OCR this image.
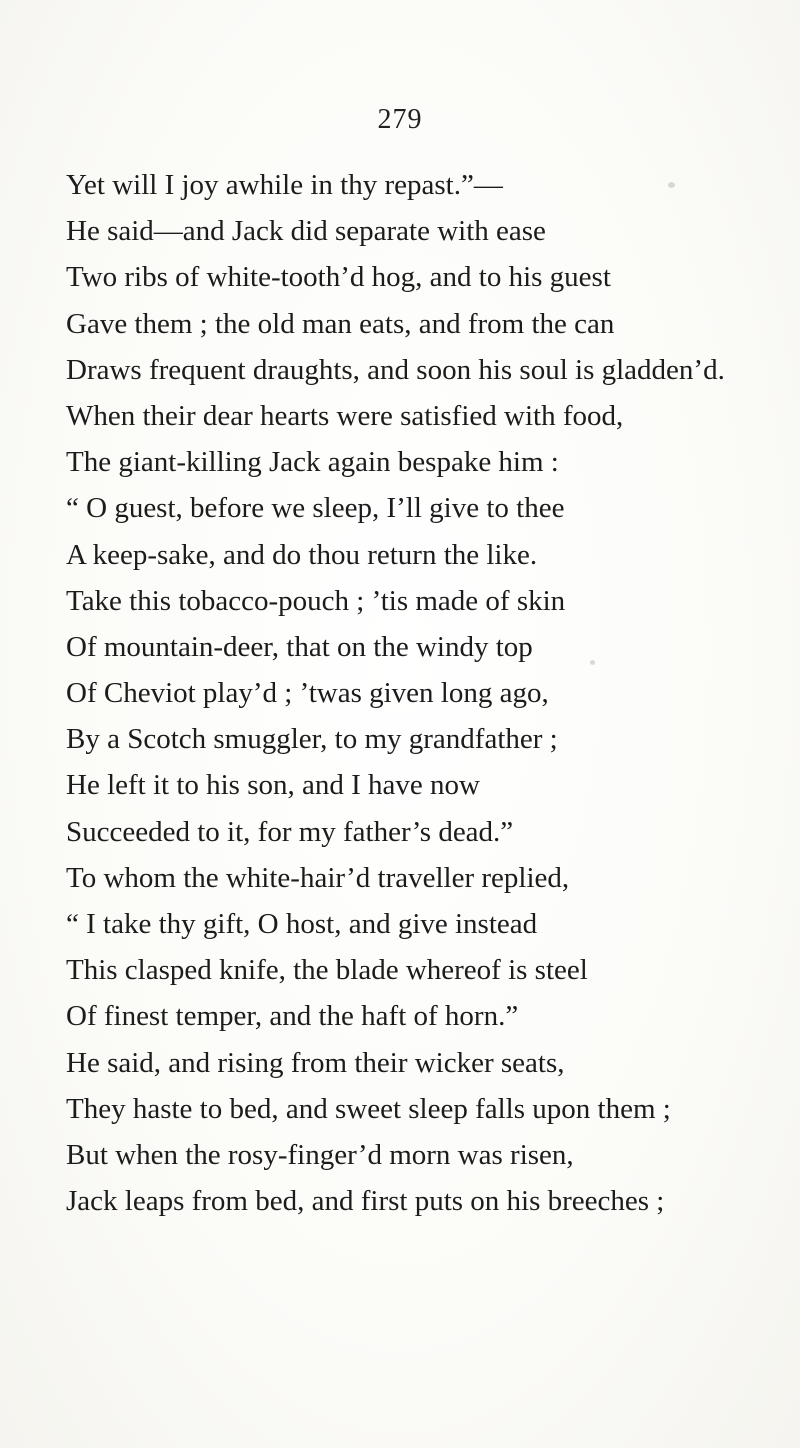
279
Yet will I joy awhile in thy repast.”—
He said—and Jack did separate with ease
Two ribs of white-tooth’d hog, and to his guest
Gave them ; the old man eats, and from the can
Draws frequent draughts, and soon his soul is gladden’d.
When their dear hearts were satisfied with food,
The giant-killing Jack again bespake him :
“ O guest, before we sleep, I’ll give to thee
A keep-sake, and do thou return the like.
Take this tobacco-pouch ; ’tis made of skin
Of mountain-deer, that on the windy top
Of Cheviot play’d ; ’twas given long ago,
By a Scotch smuggler, to my grandfather ;
He left it to his son, and I have now
Succeeded to it, for my father’s dead.”
To whom the white-hair’d traveller replied,
“ I take thy gift, O host, and give instead
This clasped knife, the blade whereof is steel
Of finest temper, and the haft of horn.”
He said, and rising from their wicker seats,
They haste to bed, and sweet sleep falls upon them ;
But when the rosy-finger’d morn was risen,
Jack leaps from bed, and first puts on his breeches ;
